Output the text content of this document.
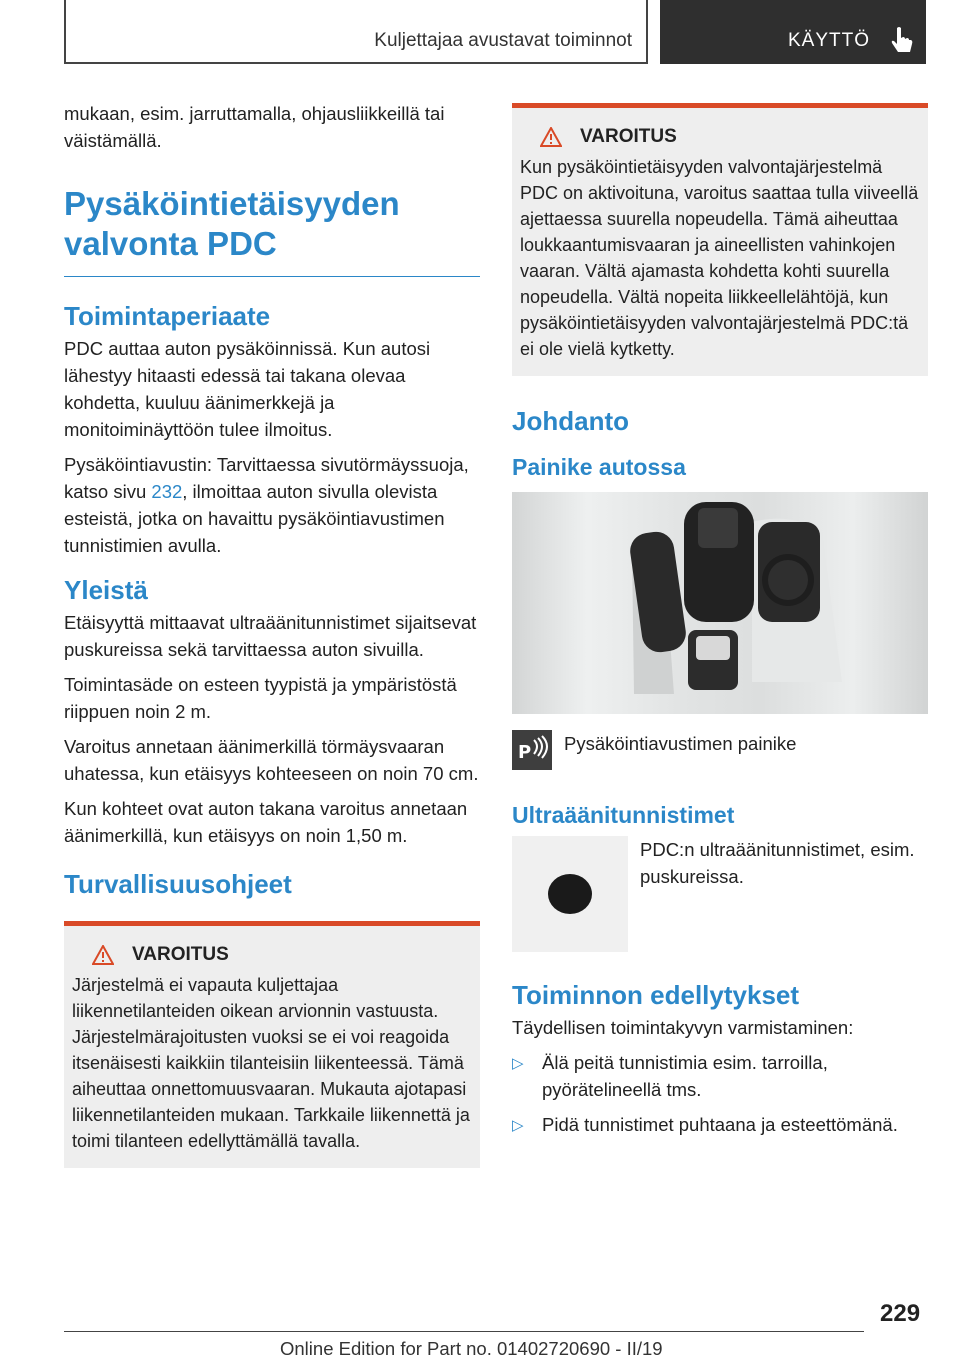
Kuljettajaa avustavat toiminnot	KÄYTTÖ

mukaan, esim. jarruttamalla, ohjausliikkeillä tai väistämällä.

Pysäköintietäisyyden valvonta PDC
Toimintaperiaate

PDC auttaa auton pysäköinnissä. Kun autosi lähestyy hitaasti edessä tai takana olevaa kohdetta, kuuluu äänimerkkejä ja monitoiminäyttöön tulee ilmoitus.

Pysäköintiavustin: Tarvittaessa sivutörmäyssuoja, katso sivu 232, ilmoittaa auton sivulla olevista esteistä, jotka on havaittu pysäköintiavustimen tunnistimien avulla.

Yleistä

Etäisyyttä mittaavat ultraäänitunnistimet sijaitsevat puskureissa sekä tarvittaessa auton sivuilla.

Toimintasäde on esteen tyypistä ja ympäristöstä riippuen noin 2 m.

Varoitus annetaan äänimerkillä törmäysvaaran uhatessa, kun etäisyys kohteeseen on noin 70 cm.

Kun kohteet ovat auton takana varoitus annetaan äänimerkillä, kun etäisyys on noin 1,50 m.

Turvallisuusohjeet
VAROITUS

Järjestelmä ei vapauta kuljettajaa liikennetilanteiden oikean arvionnin vastuusta. Järjestelmärajoitusten vuoksi se ei voi reagoida itsenäisesti kaikkiin tilanteisiin liikenteessä. Tämä aiheuttaa onnettomuusvaaran. Mukauta ajotapasi liikennetilanteiden mukaan. Tarkkaile liikennettä ja toimi tilanteen edellyttämällä tavalla.

VAROITUS

Kun pysäköintietäisyyden valvontajärjestelmä PDC on aktivoituna, varoitus saattaa tulla viiveellä ajettaessa suurella nopeudella. Tämä aiheuttaa loukkaantumisvaaran ja aineellisten vahinkojen vaaran. Vältä ajamasta kohdetta kohti suurella nopeudella. Vältä nopeita liikkeellelähtöjä, kun pysäköintietäisyyden valvontajärjestelmä PDC:tä ei ole vielä kytketty.

Johdanto
Painike autossa
P Pysäköintiavustimen painike

Ultraäänitunnistimet

PDC:n ultraäänitunnistimet, esim. puskureissa.

Toiminnon edellytykset

Täydellisen toimintakyvyn varmistaminen:

▷ Älä peitä tunnistimia esim. tarroilla, pyörätelineellä tms.
▷ Pidä tunnistimet puhtaana ja esteettömänä.
229
Online Edition for Part no. 01402720690 - II/19
